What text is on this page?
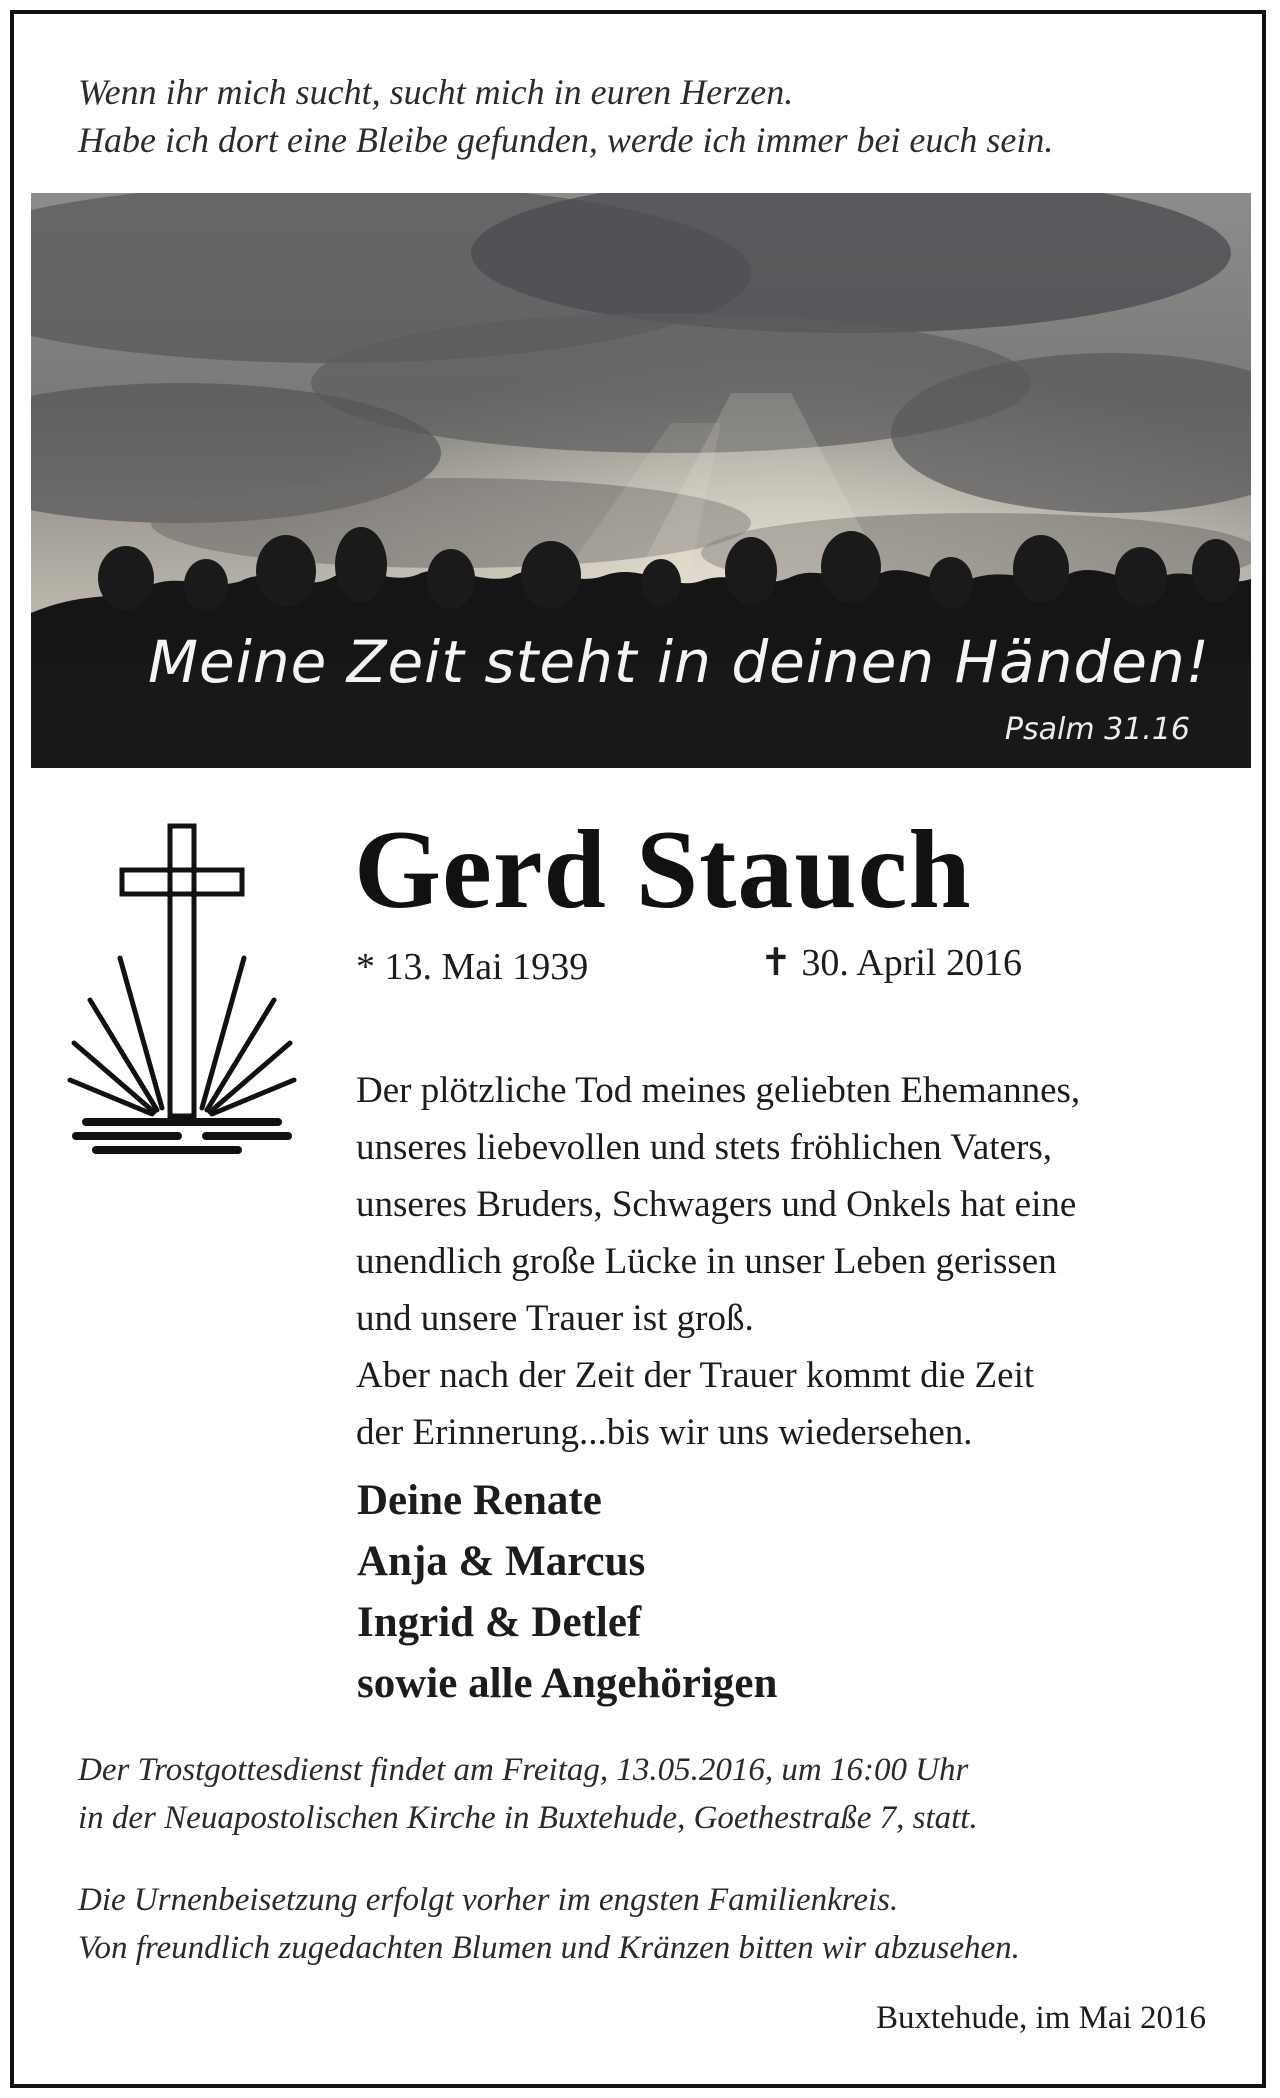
Wenn ihr mich sucht, sucht mich in euren Herzen.
Habe ich dort eine Bleibe gefunden, werde ich immer bei euch sein.
Meine Zeit steht in deinen Händen!
Psalm 31.16
Gerd Stauch
* 13. Mai 1939	✝ 30. April 2016

Der plötzliche Tod meines geliebten Ehemannes,

unseres liebevollen und stets fröhlichen Vaters,

unseres Bruders, Schwagers und Onkels hat eine

unendlich große Lücke in unser Leben gerissen

und unsere Trauer ist groß.

Aber nach der Zeit der Trauer kommt die Zeit

der Erinnerung...bis wir uns wiedersehen.

Deine Renate
Anja & Marcus
Ingrid & Detlef
sowie alle Angehörigen
Der Trostgottesdienst findet am Freitag, 13.05.2016, um 16:00 Uhr
in der Neuapostolischen Kirche in Buxtehude, Goethestraße 7, statt.
Die Urnenbeisetzung erfolgt vorher im engsten Familienkreis.
Von freundlich zugedachten Blumen und Kränzen bitten wir abzusehen.
Buxtehude, im Mai 2016
